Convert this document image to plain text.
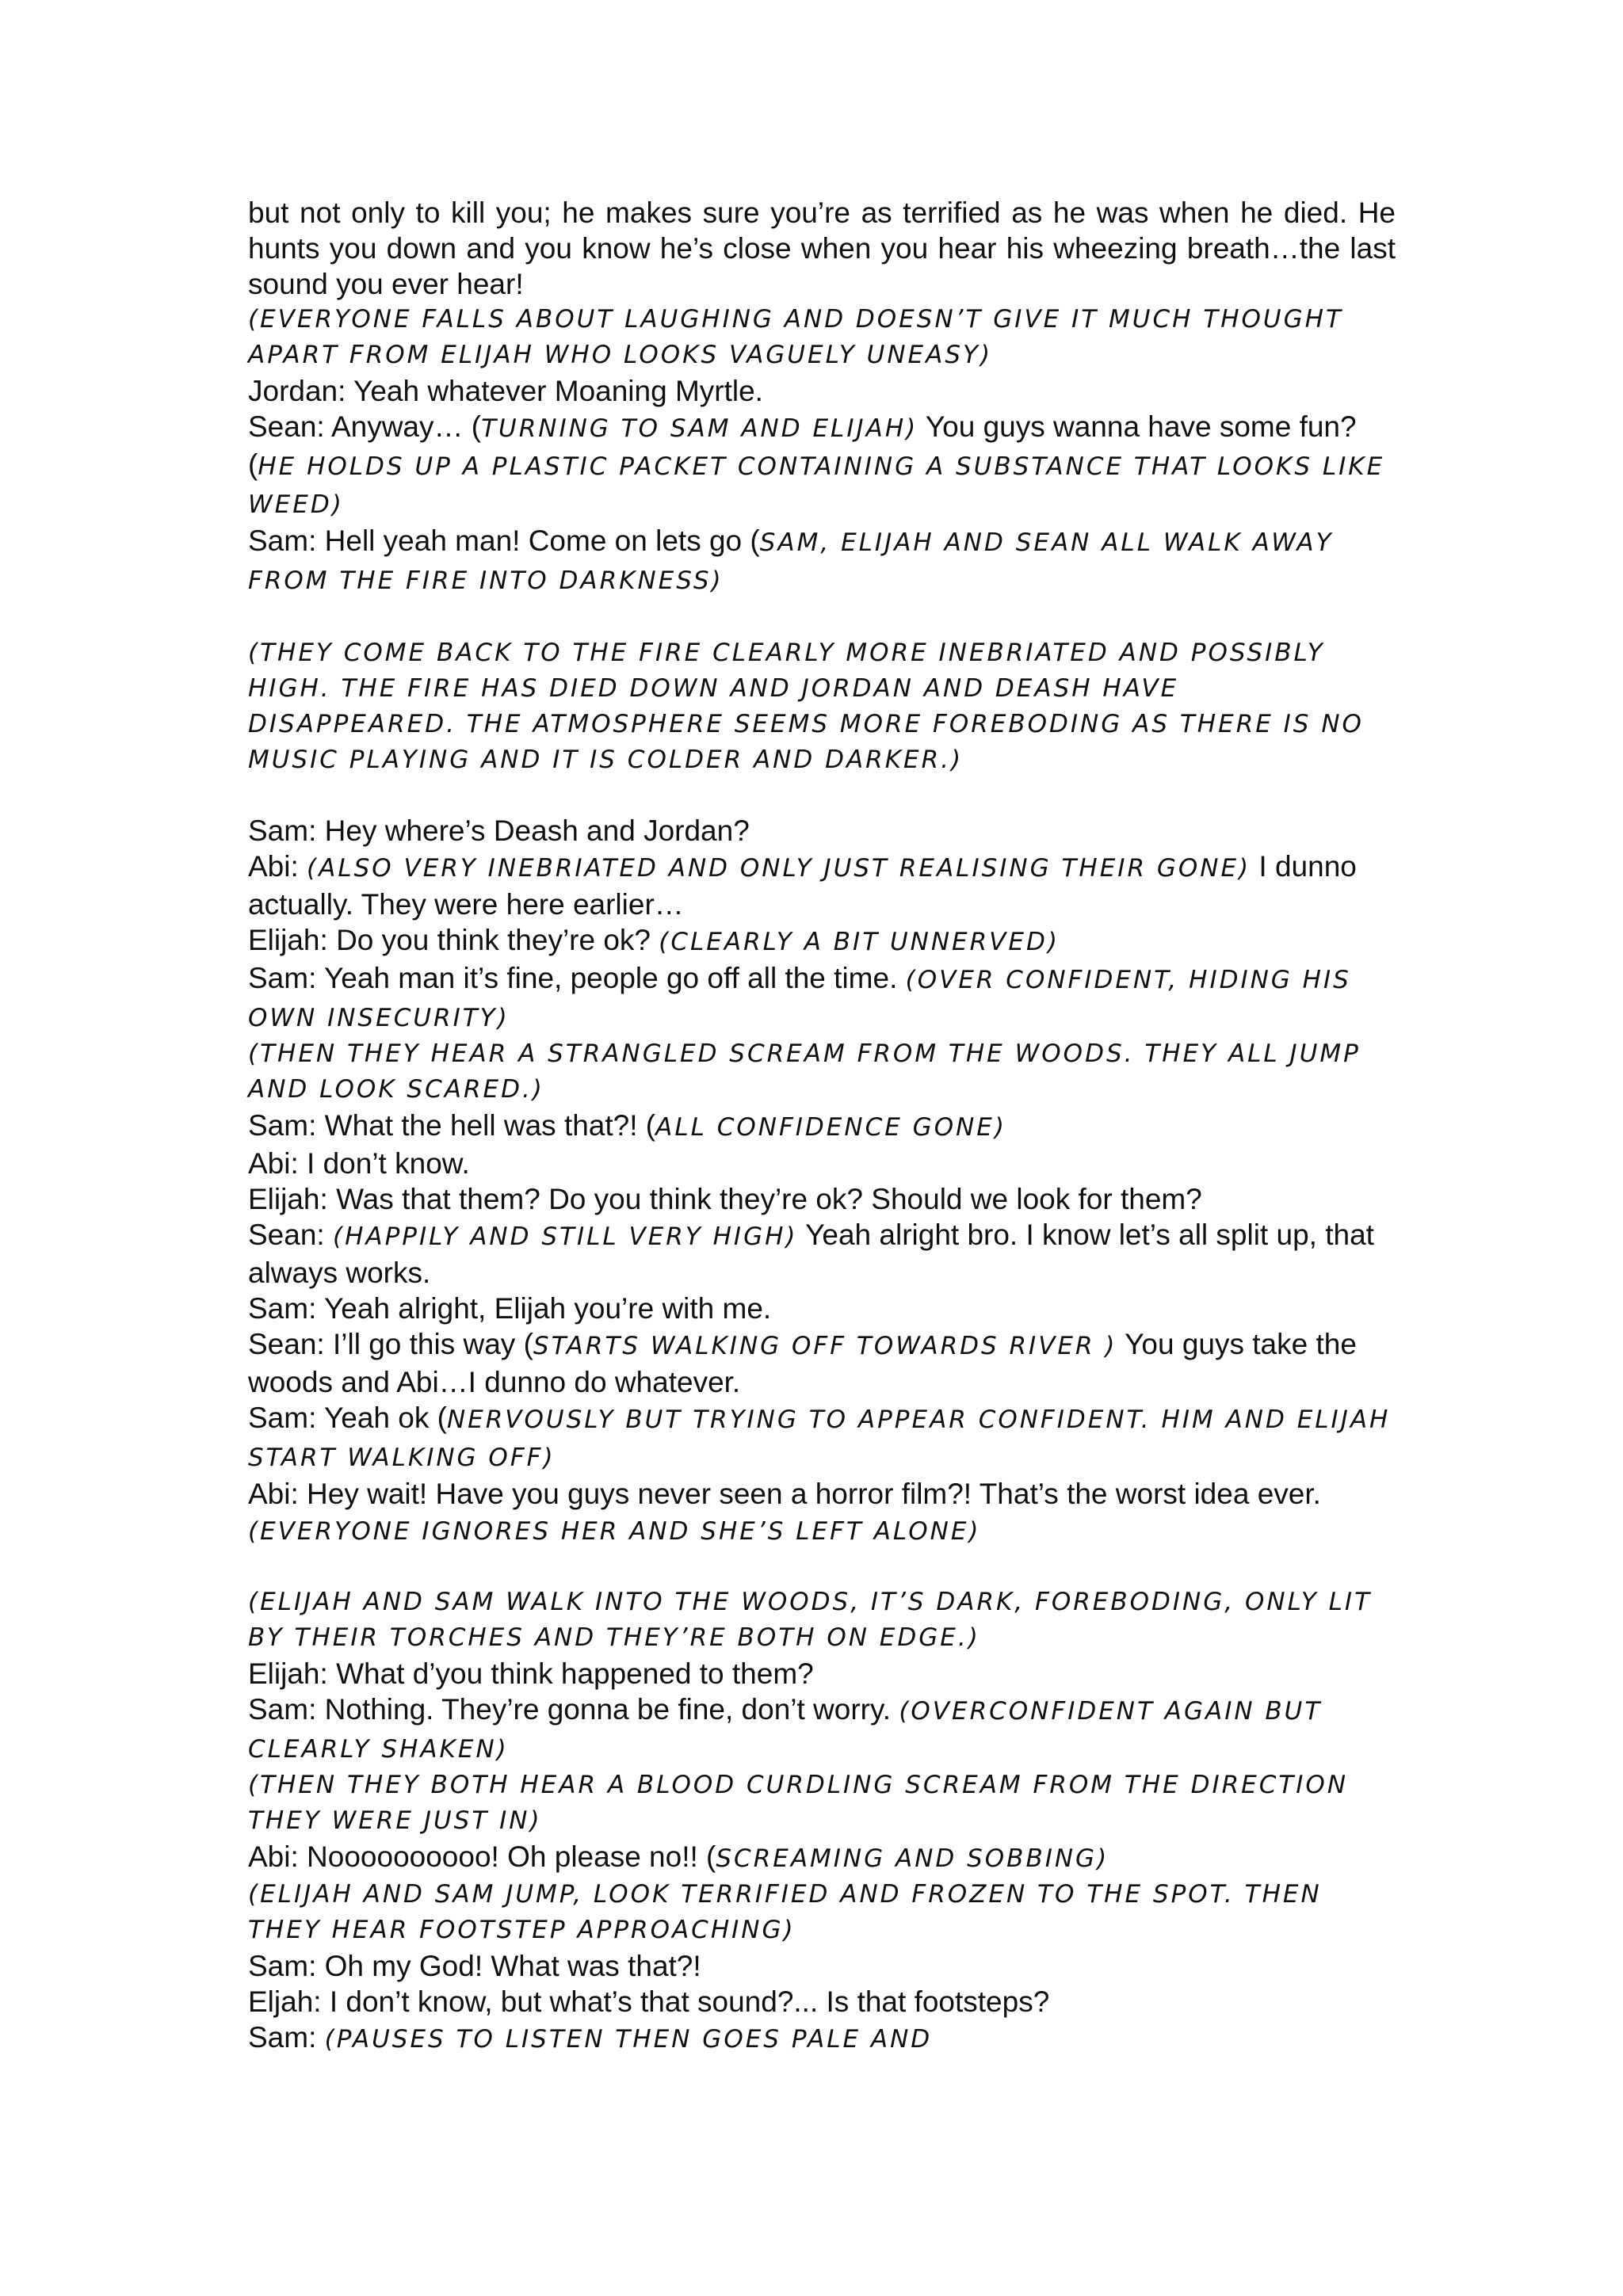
but not only to kill you; he makes sure you’re as terrified as he was when he died. He hunts you down and you know he’s close when you hear his wheezing breath…the last sound you ever hear!

(EVERYONE FALLS ABOUT LAUGHING AND DOESN’T GIVE IT MUCH THOUGHT APART FROM ELIJAH WHO LOOKS VAGUELY UNEASY)

Jordan: Yeah whatever Moaning Myrtle.

Sean: Anyway… (TURNING TO SAM AND ELIJAH) You guys wanna have some fun? (HE HOLDS UP A PLASTIC PACKET CONTAINING A SUBSTANCE THAT LOOKS LIKE WEED)

Sam: Hell yeah man! Come on lets go (SAM, ELIJAH AND SEAN ALL WALK AWAY FROM THE FIRE INTO DARKNESS)

(THEY COME BACK TO THE FIRE CLEARLY MORE INEBRIATED AND POSSIBLY HIGH. THE FIRE HAS DIED DOWN AND JORDAN AND DEASH HAVE DISAPPEARED. THE ATMOSPHERE SEEMS MORE FOREBODING AS THERE IS NO MUSIC PLAYING AND IT IS COLDER AND DARKER.)

Sam: Hey where’s Deash and Jordan?

Abi: (ALSO VERY INEBRIATED AND ONLY JUST REALISING THEIR GONE) I dunno actually. They were here earlier…

Elijah: Do you think they’re ok? (CLEARLY A BIT UNNERVED)

Sam: Yeah man it’s fine, people go off all the time. (OVER CONFIDENT, HIDING HIS OWN INSECURITY)

(THEN THEY HEAR A STRANGLED SCREAM FROM THE WOODS. THEY ALL JUMP AND LOOK SCARED.)

Sam: What the hell was that?! (ALL CONFIDENCE GONE)

Abi: I don’t know.

Elijah: Was that them? Do you think they’re ok? Should we look for them?

Sean: (HAPPILY AND STILL VERY HIGH) Yeah alright bro. I know let’s all split up, that always works.

Sam: Yeah alright, Elijah you’re with me.

Sean: I’ll go this way (STARTS WALKING OFF TOWARDS RIVER ) You guys take the woods and Abi…I dunno do whatever.

Sam: Yeah ok (NERVOUSLY BUT TRYING TO APPEAR CONFIDENT. HIM AND ELIJAH START WALKING OFF)

Abi: Hey wait! Have you guys never seen a horror film?! That’s the worst idea ever. (EVERYONE IGNORES HER AND SHE’S LEFT ALONE)

(ELIJAH AND SAM WALK INTO THE WOODS, IT’S DARK, FOREBODING, ONLY LIT BY THEIR TORCHES AND THEY’RE BOTH ON EDGE.)

Elijah: What d’you think happened to them?

Sam: Nothing. They’re gonna be fine, don’t worry. (OVERCONFIDENT AGAIN BUT CLEARLY SHAKEN)

(THEN THEY BOTH HEAR A BLOOD CURDLING SCREAM FROM THE DIRECTION THEY WERE JUST IN)

Abi: Noooooooooo! Oh please no!! (SCREAMING AND SOBBING)

(ELIJAH AND SAM JUMP, LOOK TERRIFIED AND FROZEN TO THE SPOT. THEN THEY HEAR FOOTSTEP APPROACHING)

Sam: Oh my God! What was that?!

Eljah: I don’t know, but what’s that sound?... Is that footsteps?

Sam: (PAUSES TO LISTEN THEN GOES PALE AND
